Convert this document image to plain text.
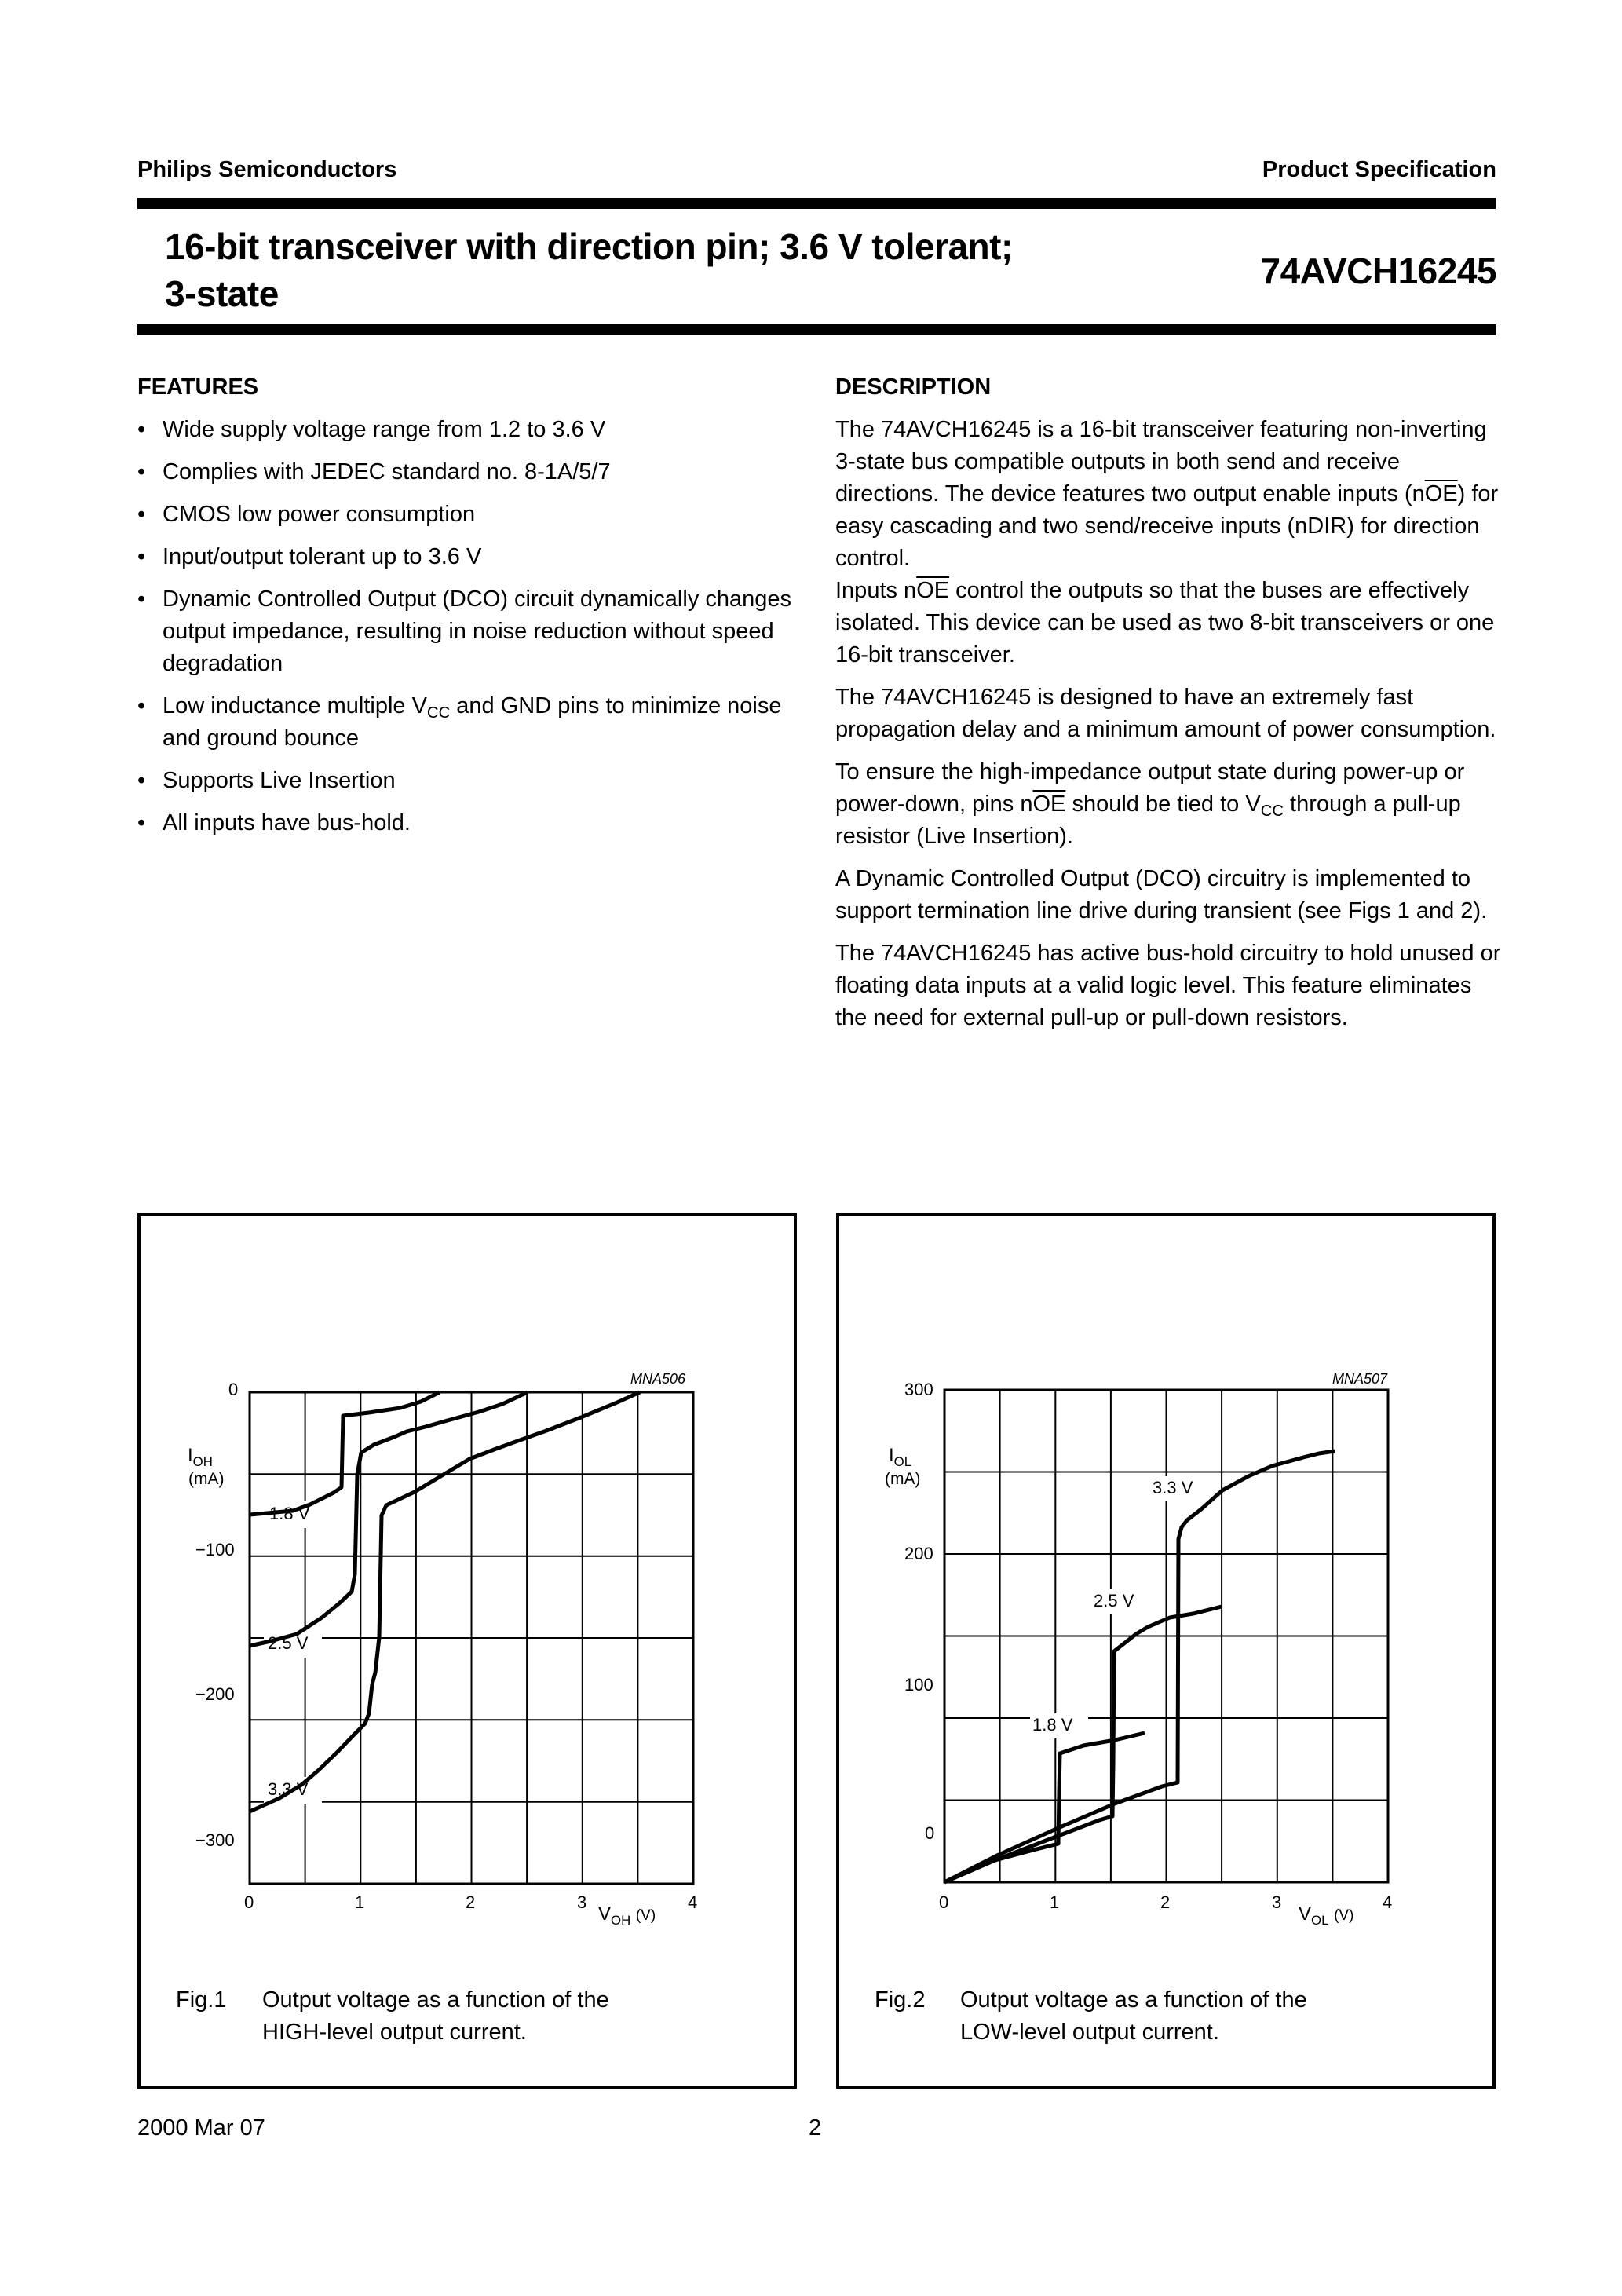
Philips Semiconductors	Product Specification
16-bit transceiver with direction pin; 3.6 V tolerant;
3-state
74AVCH16245
FEATURES
• Wide supply voltage range from 1.2 to 3.6 V
• Complies with JEDEC standard no. 8-1A/5/7
• CMOS low power consumption
• Input/output tolerant up to 3.6 V
• Dynamic Controlled Output (DCO) circuit dynamically changes output impedance, resulting in noise reduction without speed degradation
• Low inductance multiple $V_{CC}$ and GND pins to minimize noise and ground bounce
• Supports Live Insertion
• All inputs have bus-hold.
DESCRIPTION

The 74AVCH16245 is a 16-bit transceiver featuring non-inverting 3-state bus compatible outputs in both send and receive directions. The device features two output enable inputs $(n\overline{OE})$ for easy cascading and two send/receive inputs (nDIR) for direction control.
Inputs $n\overline{OE}$ control the outputs so that the buses are effectively isolated. This device can be used as two 8-bit transceivers or one 16-bit transceiver.

The 74AVCH16245 is designed to have an extremely fast propagation delay and a minimum amount of power consumption.

To ensure the high-impedance output state during power-up or power-down, pins $n\overline{OE}$ should be tied to $V_{CC}$ through a pull-up resistor (Live Insertion).

A Dynamic Controlled Output (DCO) circuitry is implemented to support termination line drive during transient (see Figs 1 and 2).

The 74AVCH16245 has active bus-hold circuitry to hold unused or floating data inputs at a valid logic level. This feature eliminates the need for external pull-up or pull-down resistors.

MNA506
0
−100
−200
−300
$I_{OH}$
(mA)
1.8 V
2.5 V
3.3 V
0	1	2	3	4
$V_{OH}$ (V)
Fig.1 Output voltage as a function of the
HIGH-level output current.
MNA507
300
200
100
0
$I_{OL}$
(mA)	3.3 V
2.5 V
1.8 V
0	1	2	3	4
$V_{OL}$ (V)
Fig.2 Output voltage as a function of the
LOW-level output current.
2000 Mar 07	2
